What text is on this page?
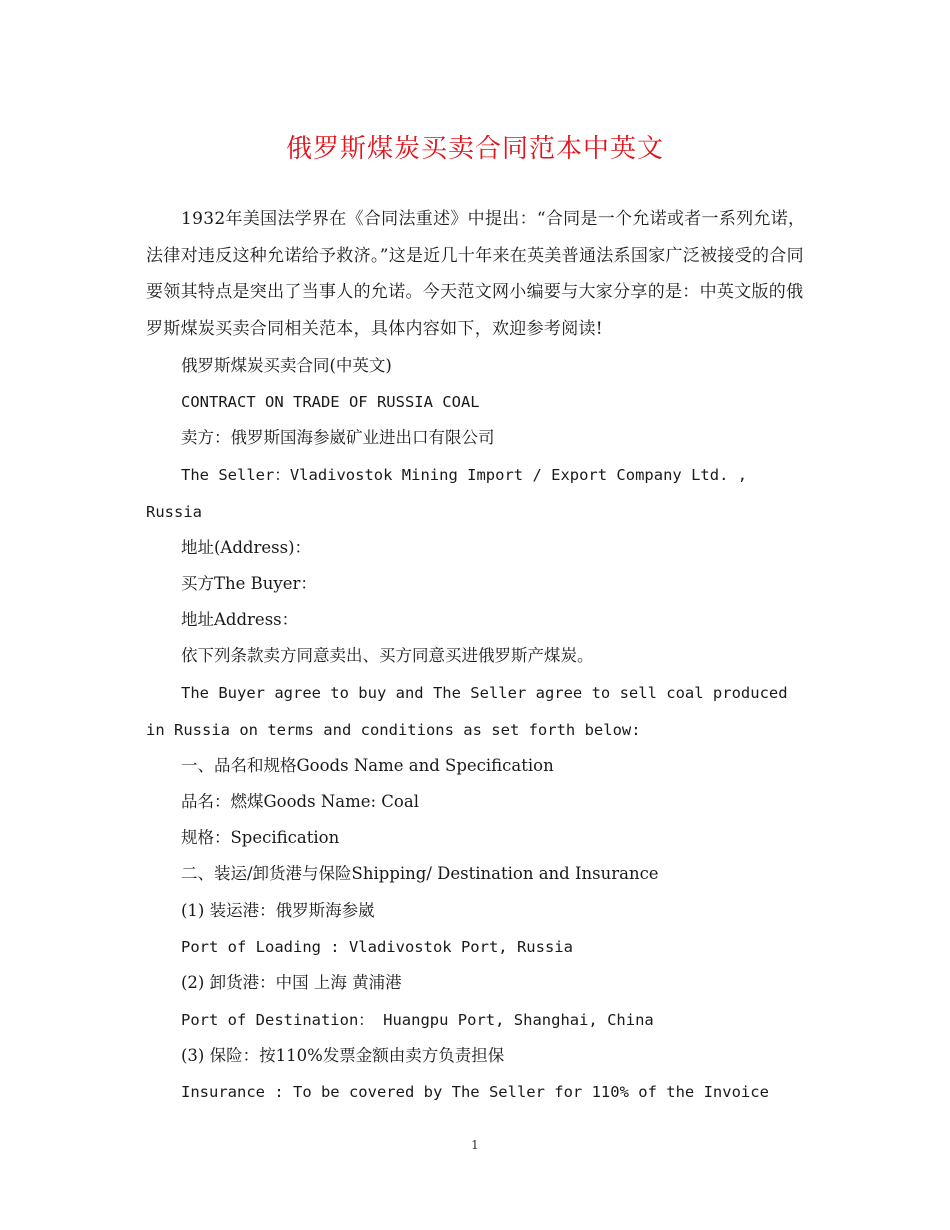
俄罗斯煤炭买卖合同范本中英文

1932年美国法学界在《合同法重述》中提出：“合同是一个允诺或者一系列允诺，法律对违反这种允诺给予救济。”这是近几十年来在英美普通法系国家广泛被接受的合同要领其特点是突出了当事人的允诺。今天范文网小编要与大家分享的是：中英文版的俄罗斯煤炭买卖合同相关范本，具体内容如下，欢迎参考阅读!

俄罗斯煤炭买卖合同(中英文)

CONTRACT ON TRADE OF RUSSIA COAL

卖方：俄罗斯国海参崴矿业进出口有限公司

The Seller：Vladivostok Mining Import / Export Company Ltd. , Russia

地址(Address)：

买方The Buyer：

地址Address：

依下列条款卖方同意卖出、买方同意买进俄罗斯产煤炭。

The Buyer agree to buy and The Seller agree to sell coal produced in Russia on terms and conditions as set forth below:

一、品名和规格Goods Name and Specification

品名：燃煤Goods Name: Coal

规格：Specification

二、装运/卸货港与保险Shipping/ Destination and Insurance

(1) 装运港：俄罗斯海参崴

Port of Loading : Vladivostok Port, Russia

(2) 卸货港：中国 上海 黄浦港

Port of Destination： Huangpu Port, Shanghai, China

(3) 保险：按110%发票金额由卖方负责担保

Insurance : To be covered by The Seller for 110% of the Invoice

1
